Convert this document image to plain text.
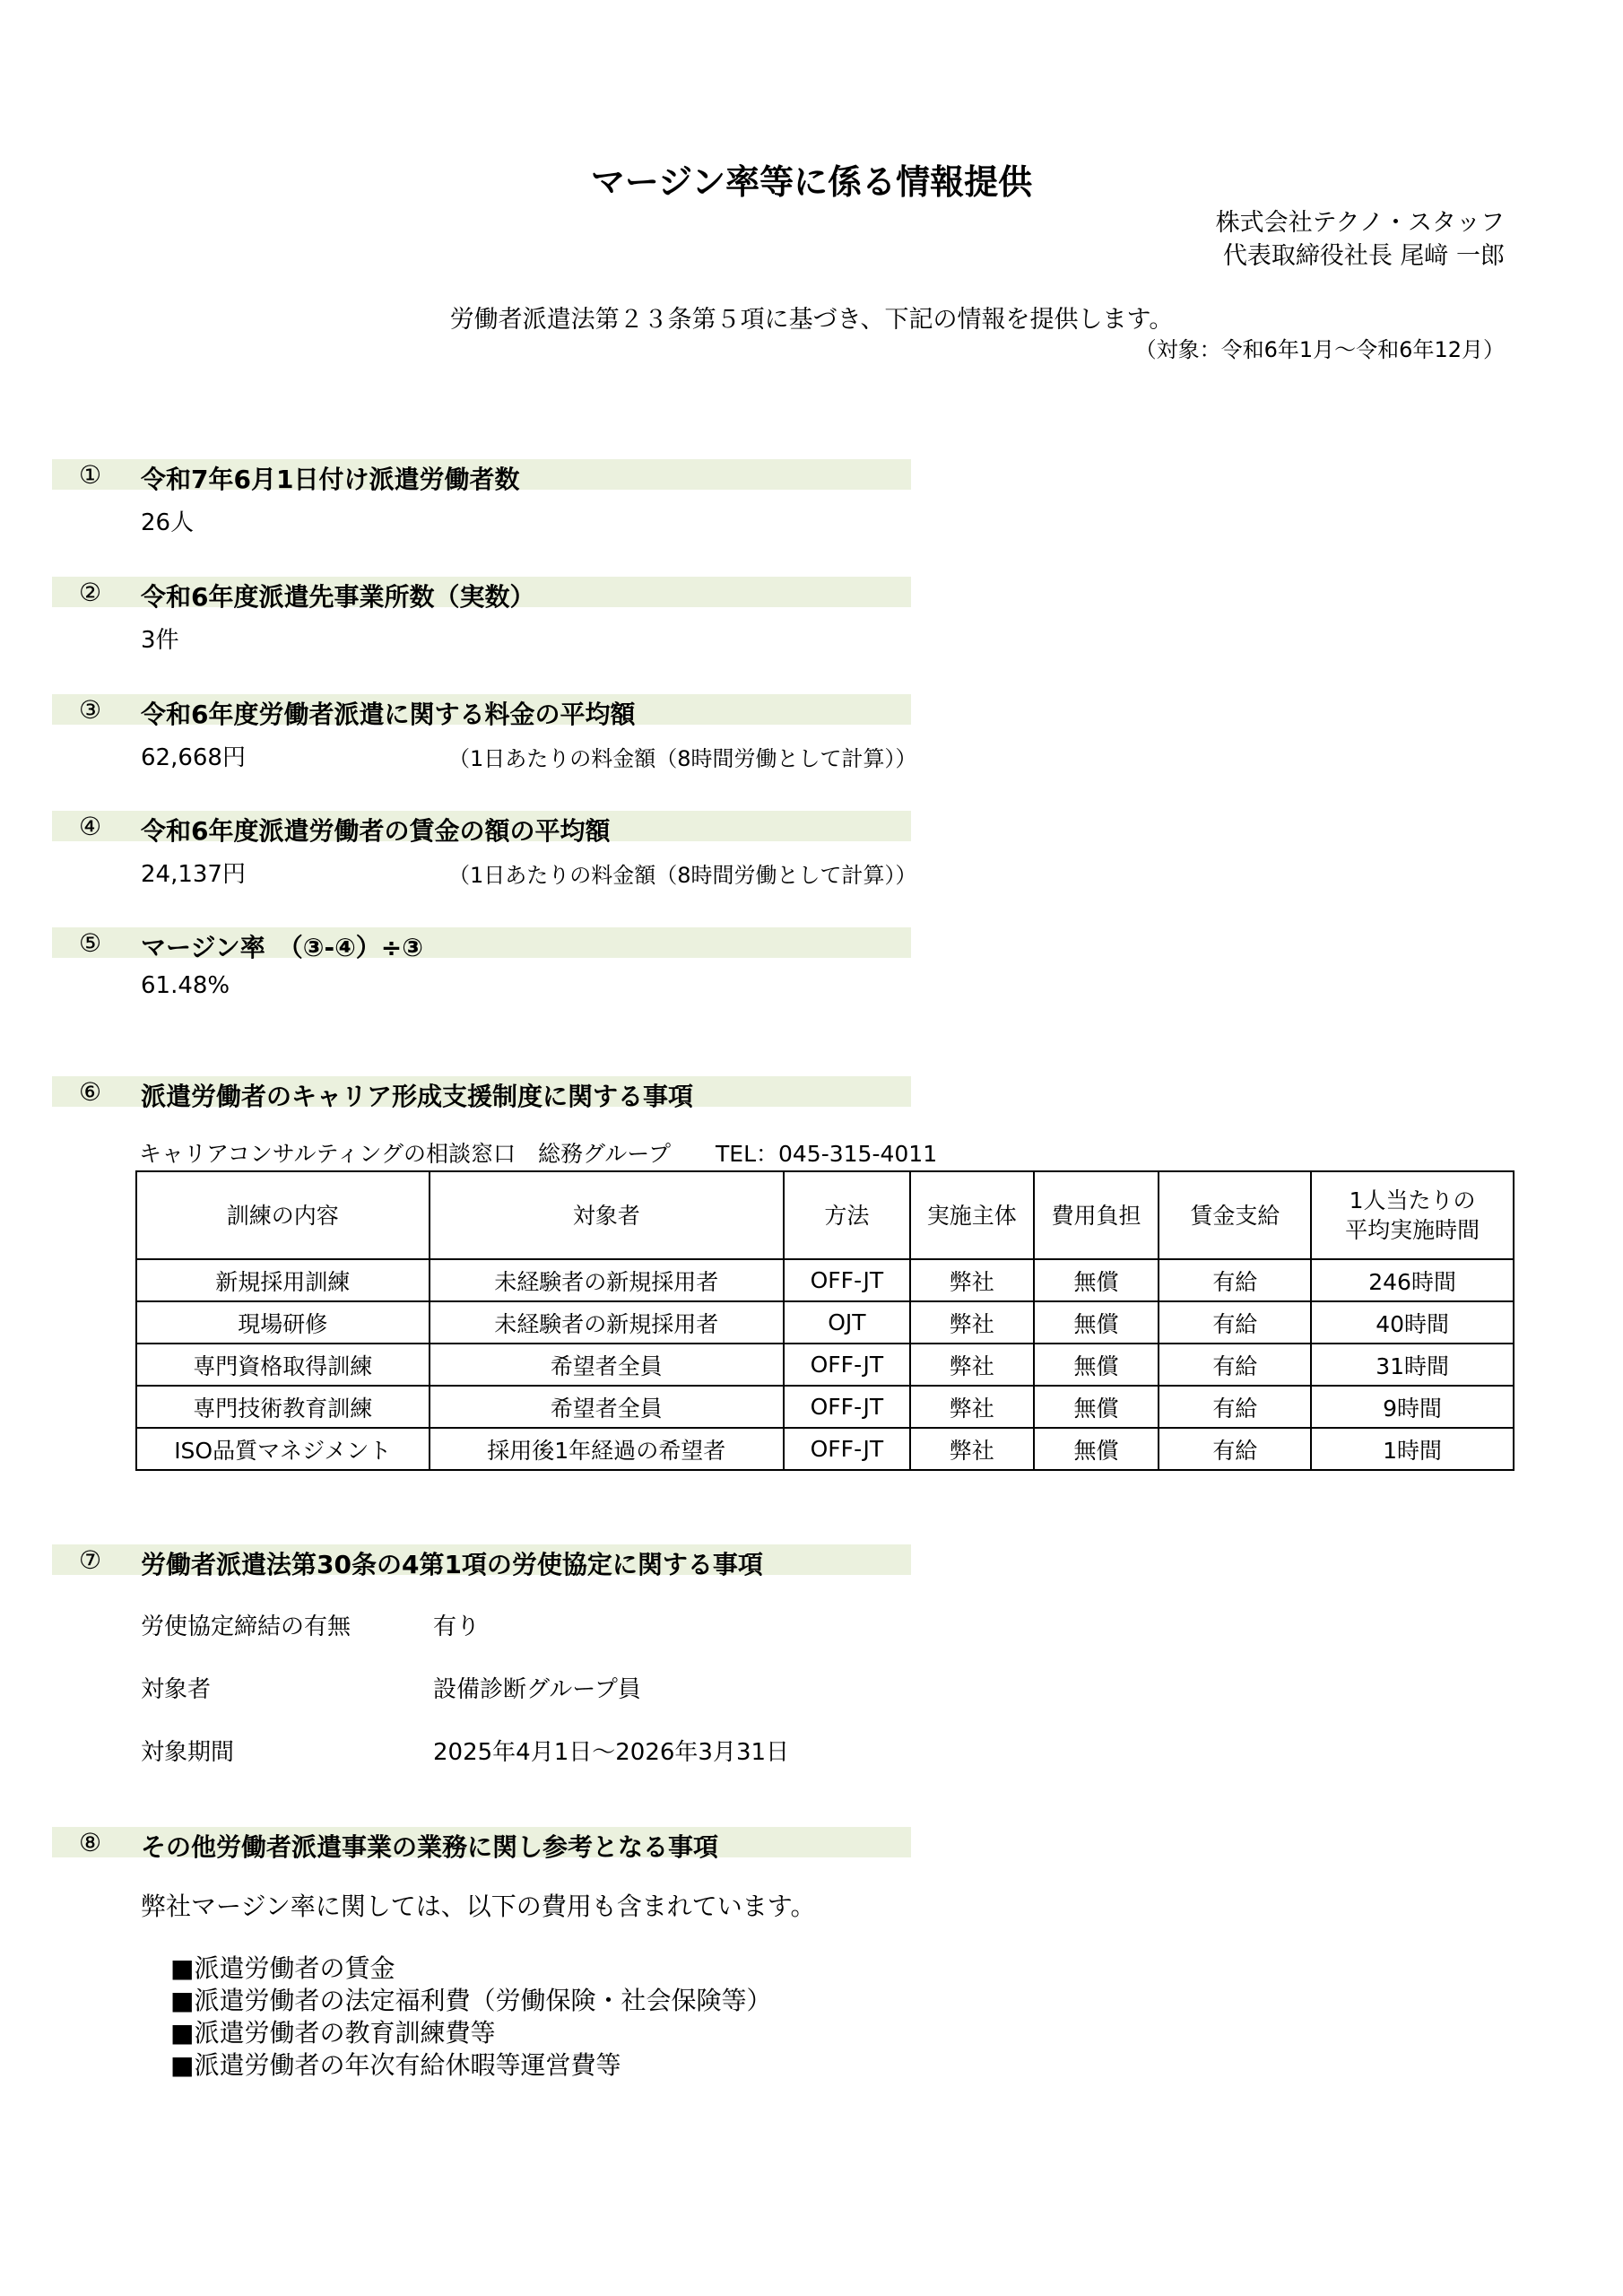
マージン率等に係る情報提供
株式会社テクノ・スタッフ
代表取締役社長 尾﨑 一郎
労働者派遣法第２３条第５項に基づき、下記の情報を提供します。
（対象：令和6年1月～令和6年12月）
① 令和7年6月1日付け派遣労働者数
26人
② 令和6年度派遣先事業所数（実数）
3件
③ 令和6年度労働者派遣に関する料金の平均額
62,668円	（1日あたりの料金額（8時間労働として計算））
④ 令和6年度派遣労働者の賃金の額の平均額
24,137円	（1日あたりの料金額（8時間労働として計算））
⑤ マージン率　（③-④）÷③
61.48%
⑥ 派遣労働者のキャリア形成支援制度に関する事項
キャリアコンサルティングの相談窓口　総務グループ　　TEL：045-315-4011
訓練の内容	対象者	方法	実施主体	費用負担	賃金支給	1人当たりの
平均実施時間
新規採用訓練	未経験者の新規採用者	OFF-JT	弊社	無償	有給	246時間
現場研修	未経験者の新規採用者	OJT	弊社	無償	有給	40時間
専門資格取得訓練	希望者全員	OFF-JT	弊社	無償	有給	31時間
専門技術教育訓練	希望者全員	OFF-JT	弊社	無償	有給	9時間
ISO品質マネジメント	採用後1年経過の希望者	OFF-JT	弊社	無償	有給	1時間
⑦ 労働者派遣法第30条の4第1項の労使協定に関する事項
労使協定締結の有無	有り
対象者	設備診断グループ員
対象期間	2025年4月1日～2026年3月31日
⑧ その他労働者派遣事業の業務に関し参考となる事項
弊社マージン率に関しては、以下の費用も含まれています。
■派遣労働者の賃金
■派遣労働者の法定福利費（労働保険・社会保険等）
■派遣労働者の教育訓練費等
■派遣労働者の年次有給休暇等運営費等
